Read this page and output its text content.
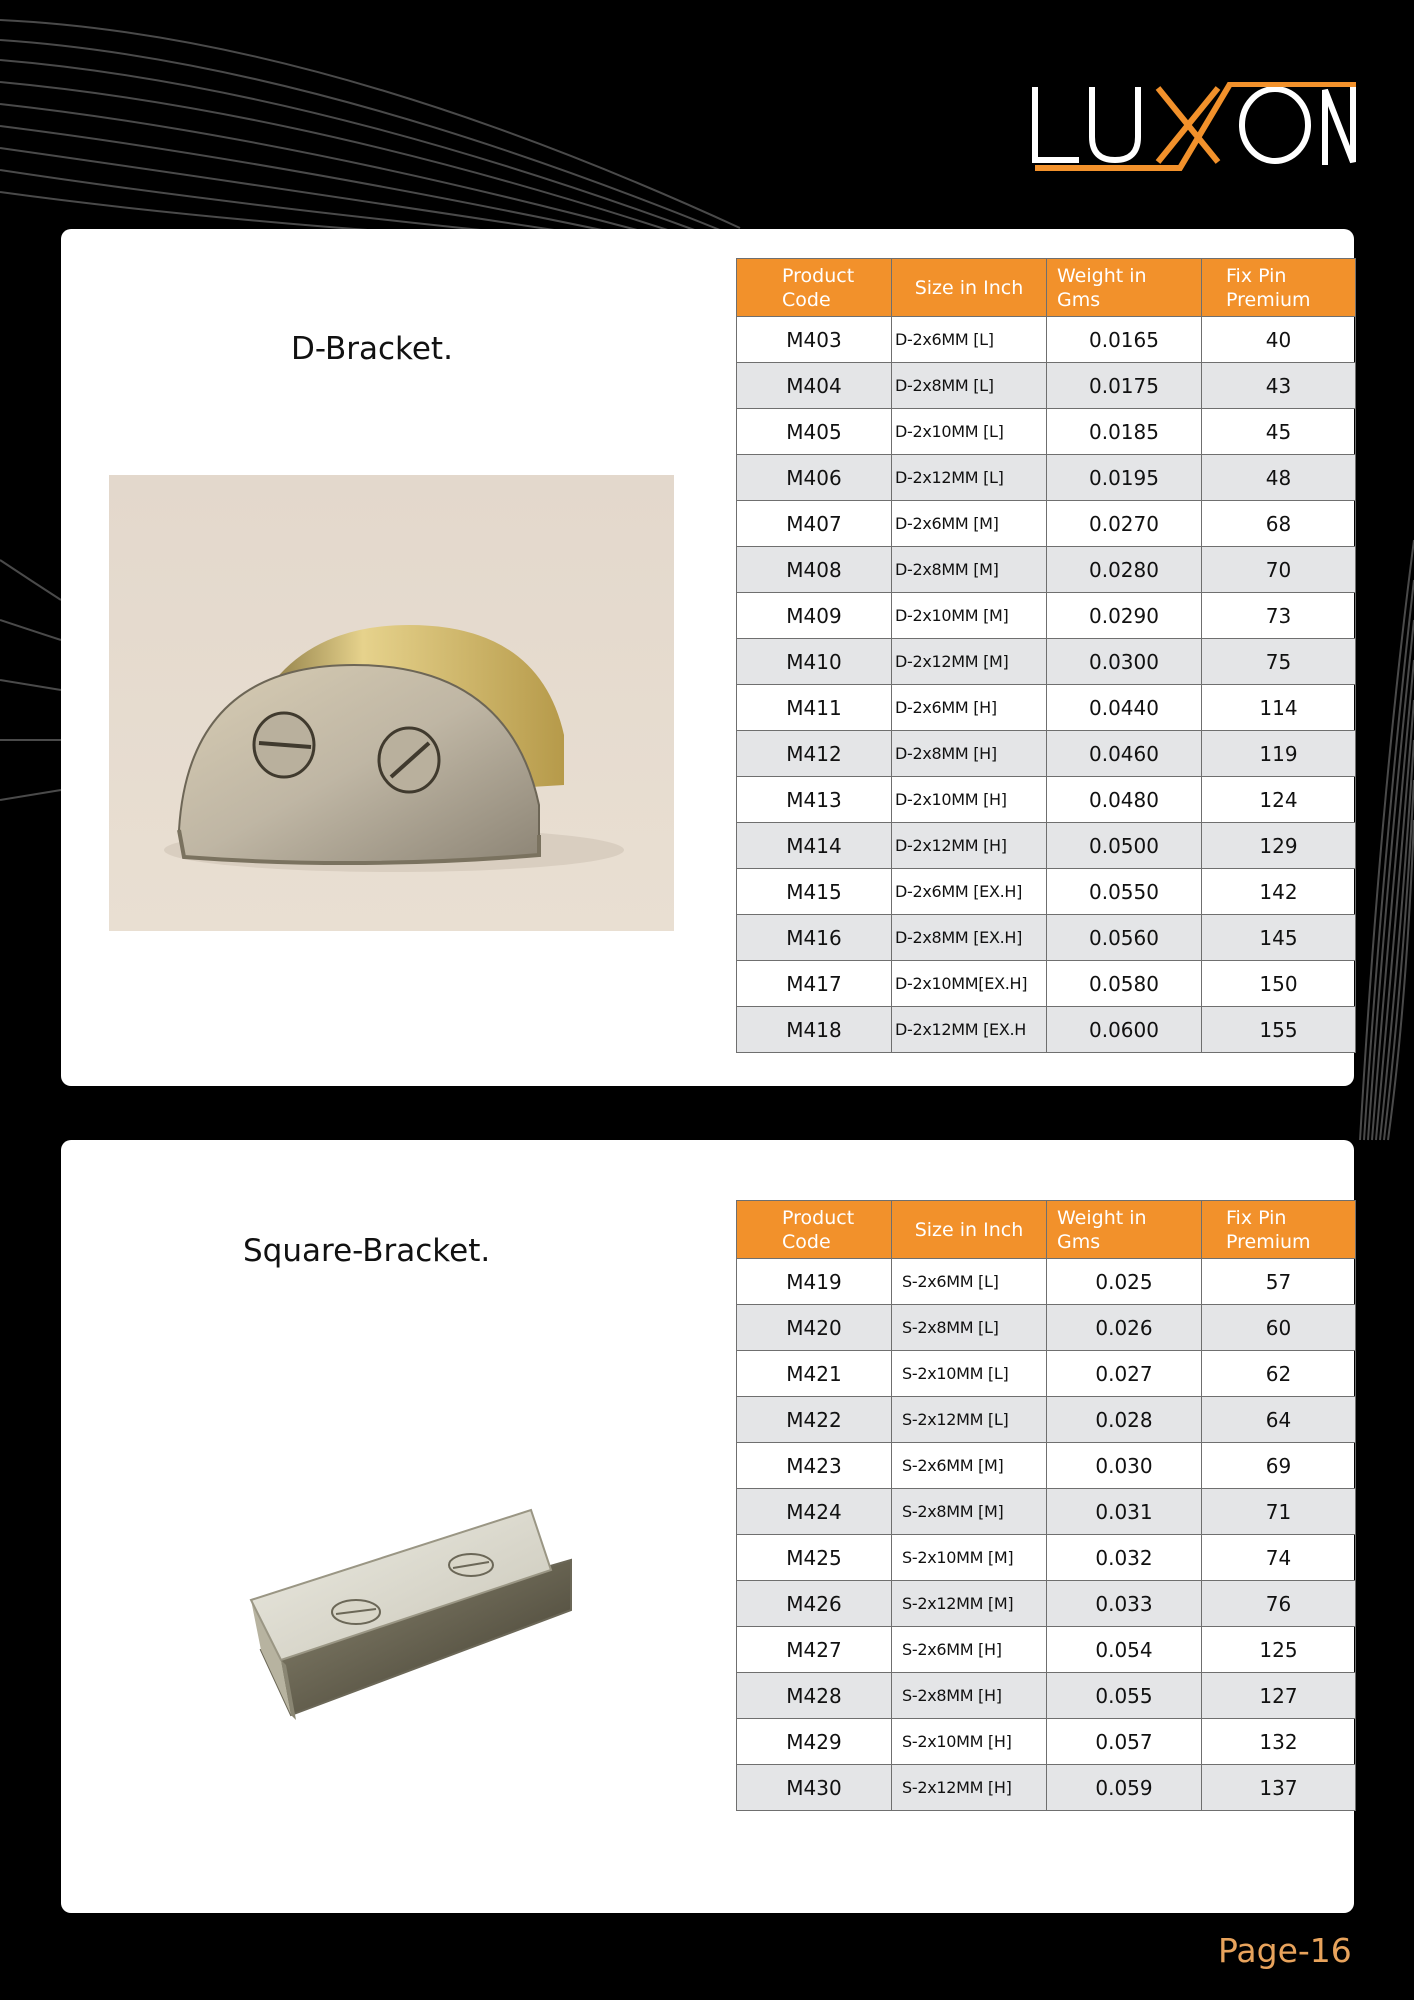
D-Bracket.
Product Code	Size in Inch	Weight in Gms	Fix Pin Premium
M403	D-2x6MM [L]	0.0165	40
M404	D-2x8MM [L]	0.0175	43
M405	D-2x10MM [L]	0.0185	45
M406	D-2x12MM [L]	0.0195	48
M407	D-2x6MM [M]	0.0270	68
M408	D-2x8MM [M]	0.0280	70
M409	D-2x10MM [M]	0.0290	73
M410	D-2x12MM [M]	0.0300	75
M411	D-2x6MM [H]	0.0440	114
M412	D-2x8MM [H]	0.0460	119
M413	D-2x10MM [H]	0.0480	124
M414	D-2x12MM [H]	0.0500	129
M415	D-2x6MM [EX.H]	0.0550	142
M416	D-2x8MM [EX.H]	0.0560	145
M417	D-2x10MM[EX.H]	0.0580	150
M418	D-2x12MM [EX.H	0.0600	155
Square-Bracket.
Product Code	Size in Inch	Weight in Gms	Fix Pin Premium
M419	S-2x6MM [L]	0.025	57
M420	S-2x8MM [L]	0.026	60
M421	S-2x10MM [L]	0.027	62
M422	S-2x12MM [L]	0.028	64
M423	S-2x6MM [M]	0.030	69
M424	S-2x8MM [M]	0.031	71
M425	S-2x10MM [M]	0.032	74
M426	S-2x12MM [M]	0.033	76
M427	S-2x6MM [H]	0.054	125
M428	S-2x8MM [H]	0.055	127
M429	S-2x10MM [H]	0.057	132
M430	S-2x12MM [H]	0.059	137
Page-16
